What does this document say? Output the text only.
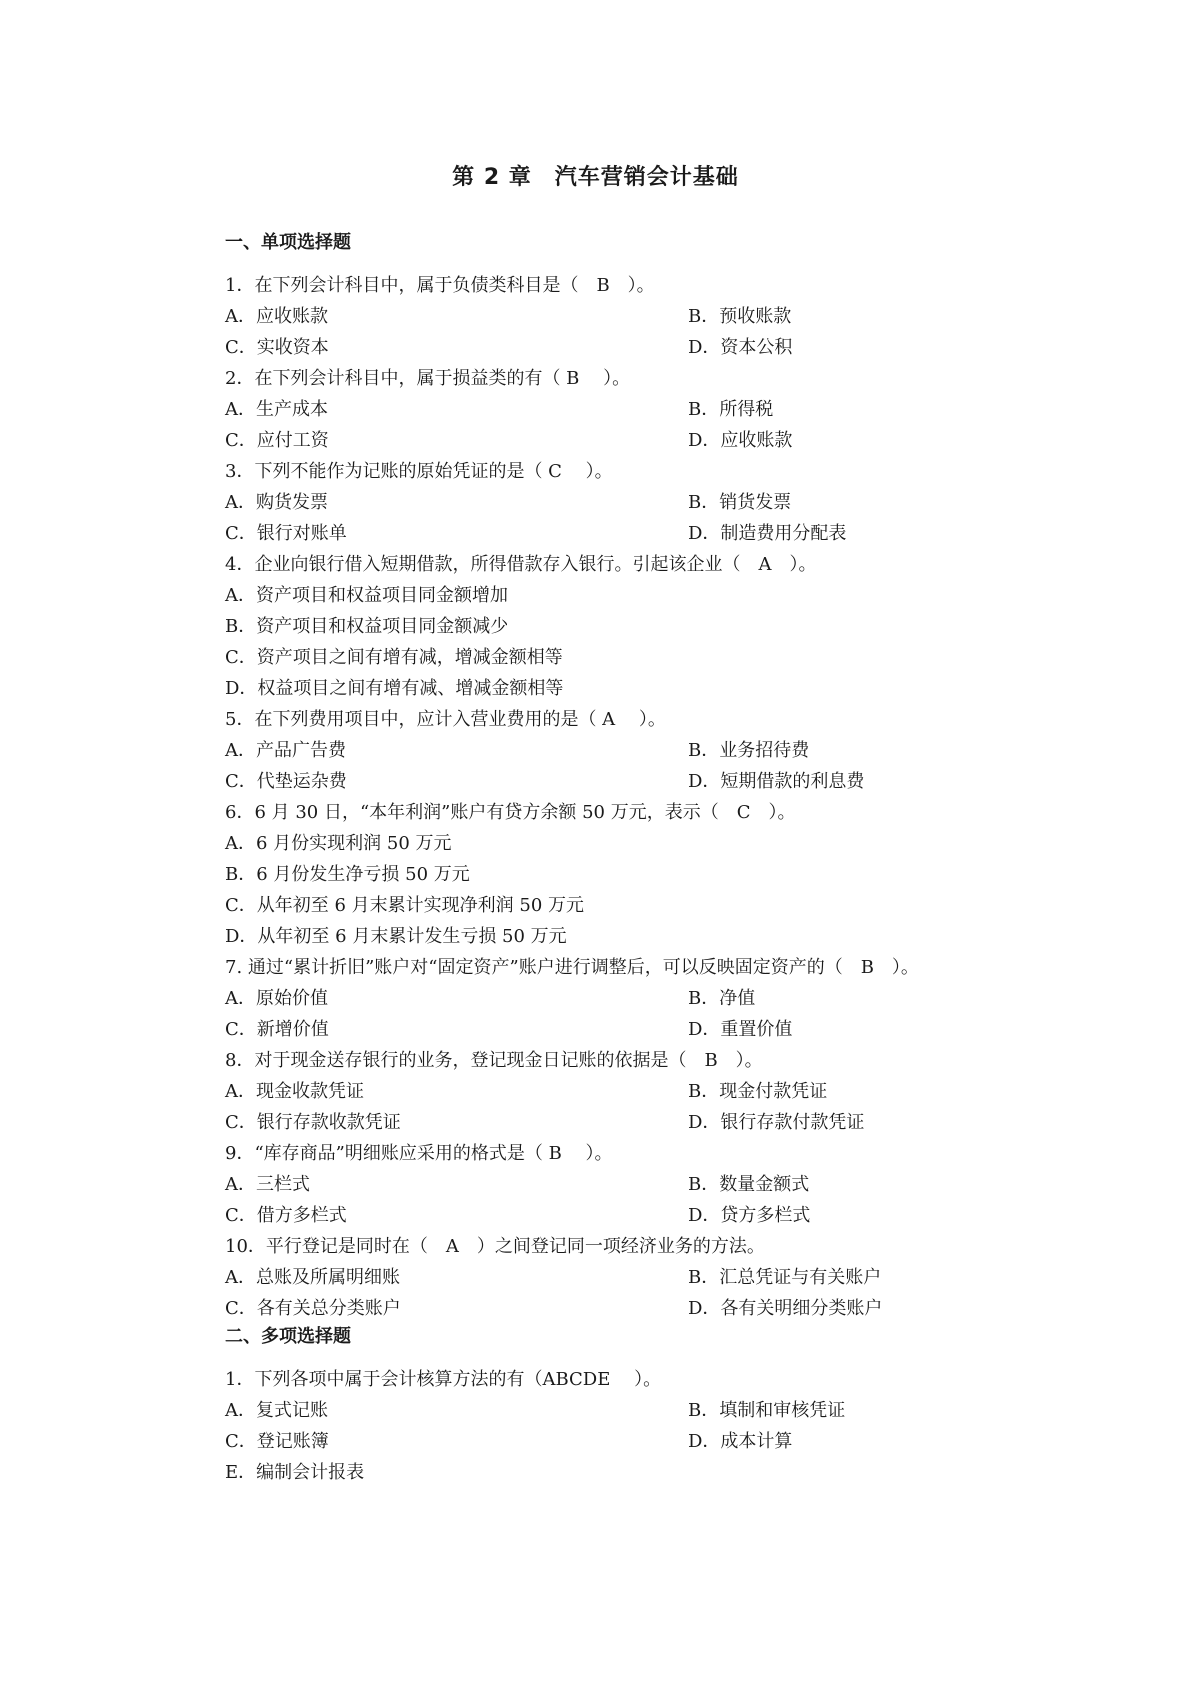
第 2 章　汽车营销会计基础
一、单项选择题
1．在下列会计科目中，属于负债类科目是（　B　）。
A．应收账款	B．预收账款
C．实收资本	D．资本公积
2．在下列会计科目中，属于损益类的有（ B　 ）。
A．生产成本	B．所得税
C．应付工资	D．应收账款
3．下列不能作为记账的原始凭证的是（ C　 ）。
A．购货发票	B．销货发票
C．银行对账单	D．制造费用分配表
4．企业向银行借入短期借款，所得借款存入银行。引起该企业（　A　）。
A．资产项目和权益项目同金额增加
B．资产项目和权益项目同金额减少
C．资产项目之间有增有减，增减金额相等
D．权益项目之间有增有减、增减金额相等
5．在下列费用项目中，应计入营业费用的是（ A　 ）。
A．产品广告费	B．业务招待费
C．代垫运杂费	D．短期借款的利息费
6．6 月 30 日，“本年利润”账户有贷方余额 50 万元，表示（　C　）。
A．6 月份实现利润 50 万元
B．6 月份发生净亏损 50 万元
C．从年初至 6 月末累计实现净利润 50 万元
D．从年初至 6 月末累计发生亏损 50 万元
7. 通过“累计折旧”账户对“固定资产”账户进行调整后，可以反映固定资产的（　B　）。
A．原始价值	B．净值
C．新增价值	D．重置价值
8．对于现金送存银行的业务，登记现金日记账的依据是（　B　）。
A．现金收款凭证	B．现金付款凭证
C．银行存款收款凭证	D．银行存款付款凭证
9．“库存商品”明细账应采用的格式是（ B　 ）。
A．三栏式	B．数量金额式
C．借方多栏式	D．贷方多栏式
10．平行登记是同时在（　A　）之间登记同一项经济业务的方法。
A．总账及所属明细账	B．汇总凭证与有关账户
C．各有关总分类账户	D．各有关明细分类账户
二、多项选择题
1．下列各项中属于会计核算方法的有（ABCDE　 ）。
A．复式记账	B．填制和审核凭证
C．登记账簿	D．成本计算
E．编制会计报表
